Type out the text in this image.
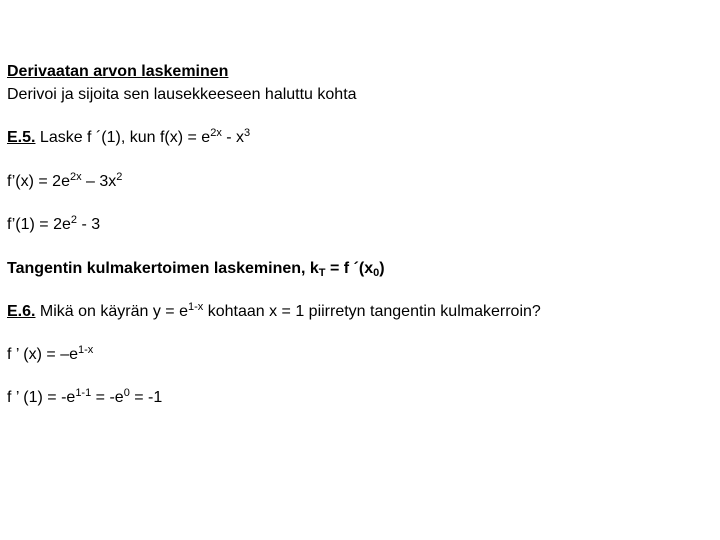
Derivaatan arvon laskeminen
Derivoi ja sijoita sen lausekkeeseen haluttu kohta
E.5. Laske f ´(1), kun $f(x) = e^{2x} - x^3$
f’(x) = $2e^{2x} - 3x^2$
f’(1) = $2e^2 - 3$
Tangentin kulmakertoimen laskeminen, $k_T = f$ $´(x_0)$
E.6. Mikä on käyrän $y = e^{1-x}$ kohtaan x = 1 piirretyn tangentin kulmakerroin?
f ’ $(x) = -e^{1-x}$
f ’ $(1) = -e^{1-1} = -e^0 = -1$
